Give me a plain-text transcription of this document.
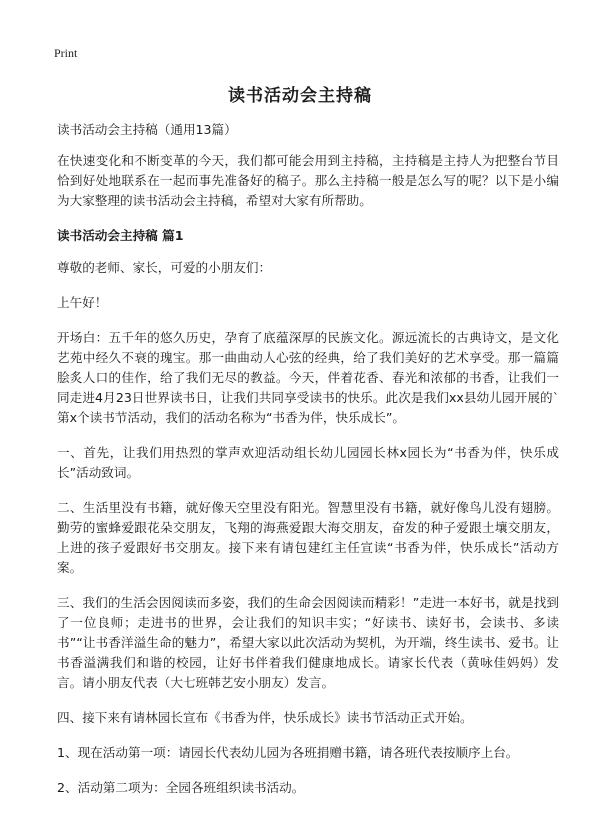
Print
读书活动会主持稿

读书活动会主持稿（通用13篇）

在快速变化和不断变革的今天，我们都可能会用到主持稿，主持稿是主持人为把整台节目恰到好处地联系在一起而事先准备好的稿子。那么主持稿一般是怎么写的呢？以下是小编为大家整理的读书活动会主持稿，希望对大家有所帮助。

读书活动会主持稿 篇1

尊敬的老师、家长，可爱的小朋友们：

上午好！

开场白：五千年的悠久历史，孕育了底蕴深厚的民族文化。源远流长的古典诗文，是文化艺苑中经久不衰的瑰宝。那一曲曲动人心弦的经典，给了我们美好的艺术享受。那一篇篇脍炙人口的佳作，给了我们无尽的教益。今天，伴着花香、春光和浓郁的书香，让我们一同走进4月23日世界读书日，让我们共同享受读书的快乐。此次是我们xx县幼儿园开展的`第x个读书节活动，我们的活动名称为“书香为伴，快乐成长”。

一、首先，让我们用热烈的掌声欢迎活动组长幼儿园园长林x园长为“书香为伴，快乐成长”活动致词。

二、生活里没有书籍，就好像天空里没有阳光。智慧里没有书籍，就好像鸟儿没有翅膀。勤劳的蜜蜂爱跟花朵交朋友，飞翔的海燕爱跟大海交朋友，奋发的种子爱跟土壤交朋友，上进的孩子爱跟好书交朋友。接下来有请包建红主任宣读“书香为伴，快乐成长”活动方案。

三、我们的生活会因阅读而多姿，我们的生命会因阅读而精彩！”走进一本好书，就是找到了一位良师；走进书的世界，会让我们的知识丰实；“好读书、读好书，会读书、多读书”“让书香洋溢生命的魅力”，希望大家以此次活动为契机，为开端，终生读书、爱书。让书香溢满我们和谐的校园，让好书伴着我们健康地成长。请家长代表（黄咏佳妈妈）发言。请小朋友代表（大七班韩艺安小朋友）发言。

四、接下来有请林园长宣布《书香为伴，快乐成长》读书节活动正式开始。

1、现在活动第一项：请园长代表幼儿园为各班捐赠书籍，请各班代表按顺序上台。

2、活动第二项为：全园各班组织读书活动。
